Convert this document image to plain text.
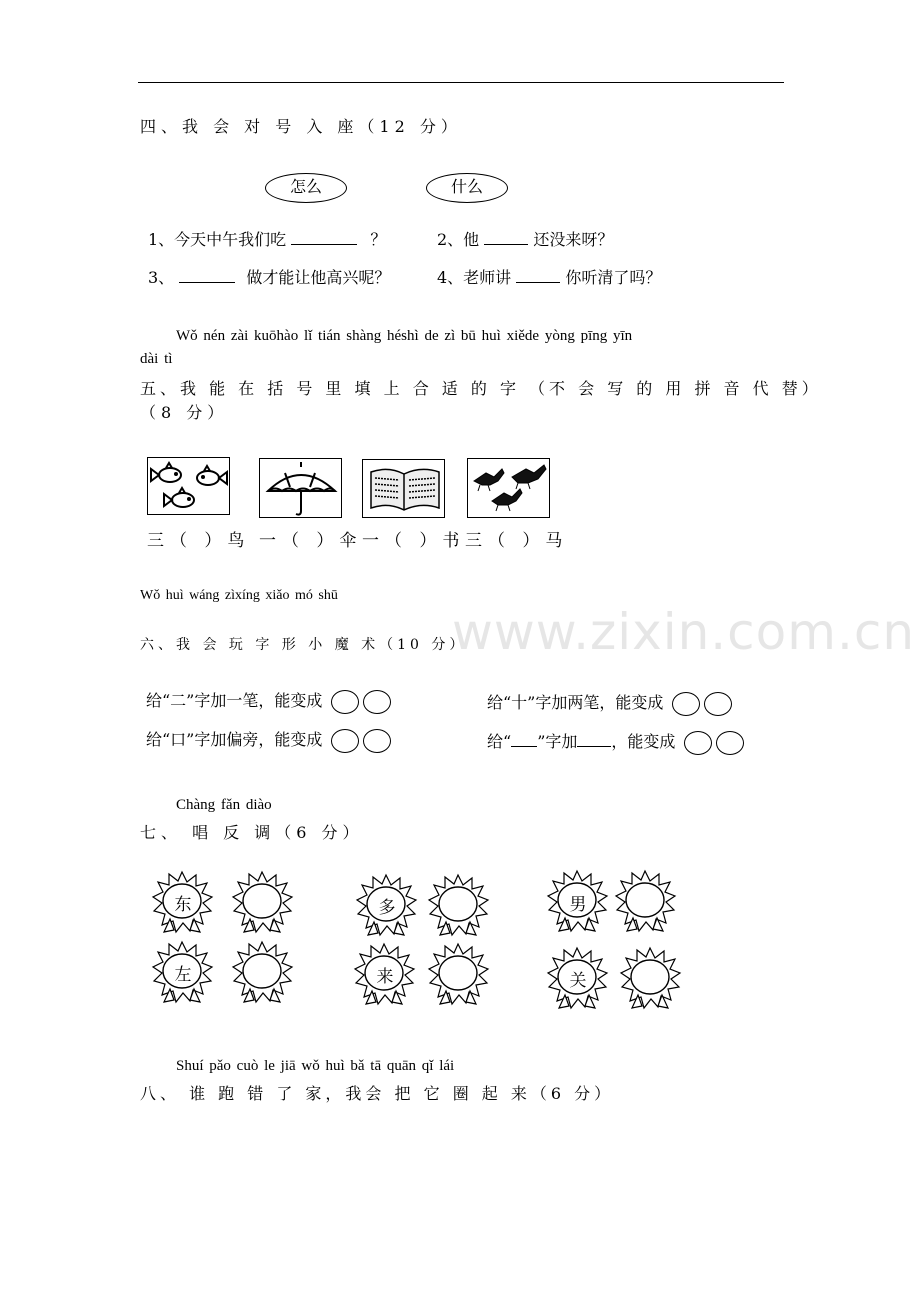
www.zixin.com.cn
四、我 会 对 号 入 座（12 分）
怎么	什么
1、今天中午我们吃	？	2、他	还没来呀？
3、	做才能让他高兴呢？	4、老师讲	你听清了吗？
Wǒ nén zài kuōhào lǐ tián shàng héshì de zì bū huì xiěde yòng pīng yīn
dài tì
五、我 能 在 括 号 里 填 上 合 适 的 字 （不 会 写 的 用 拼 音 代 替）
（8 分）
三（ ）鸟 一（ ）伞 一（ ）书 三（ ）马
Wǒ huì wáng zìxíng xiǎo mó shū
六、我 会 玩 字 形 小 魔 术（10 分）
给“二”字加一笔，能变成	给“十”字加两笔，能变成
给“口”字加偏旁，能变成	给“ ”字加 ，能变成
Chàng fǎn diào
七、 唱 反 调（6 分）
东	多	男
左	来	关
Shuí pǎo cuò le jiā wǒ huì bǎ tā quān qǐ lái
八、 谁 跑 错 了 家，我会 把 它 圈 起 来（6 分）
